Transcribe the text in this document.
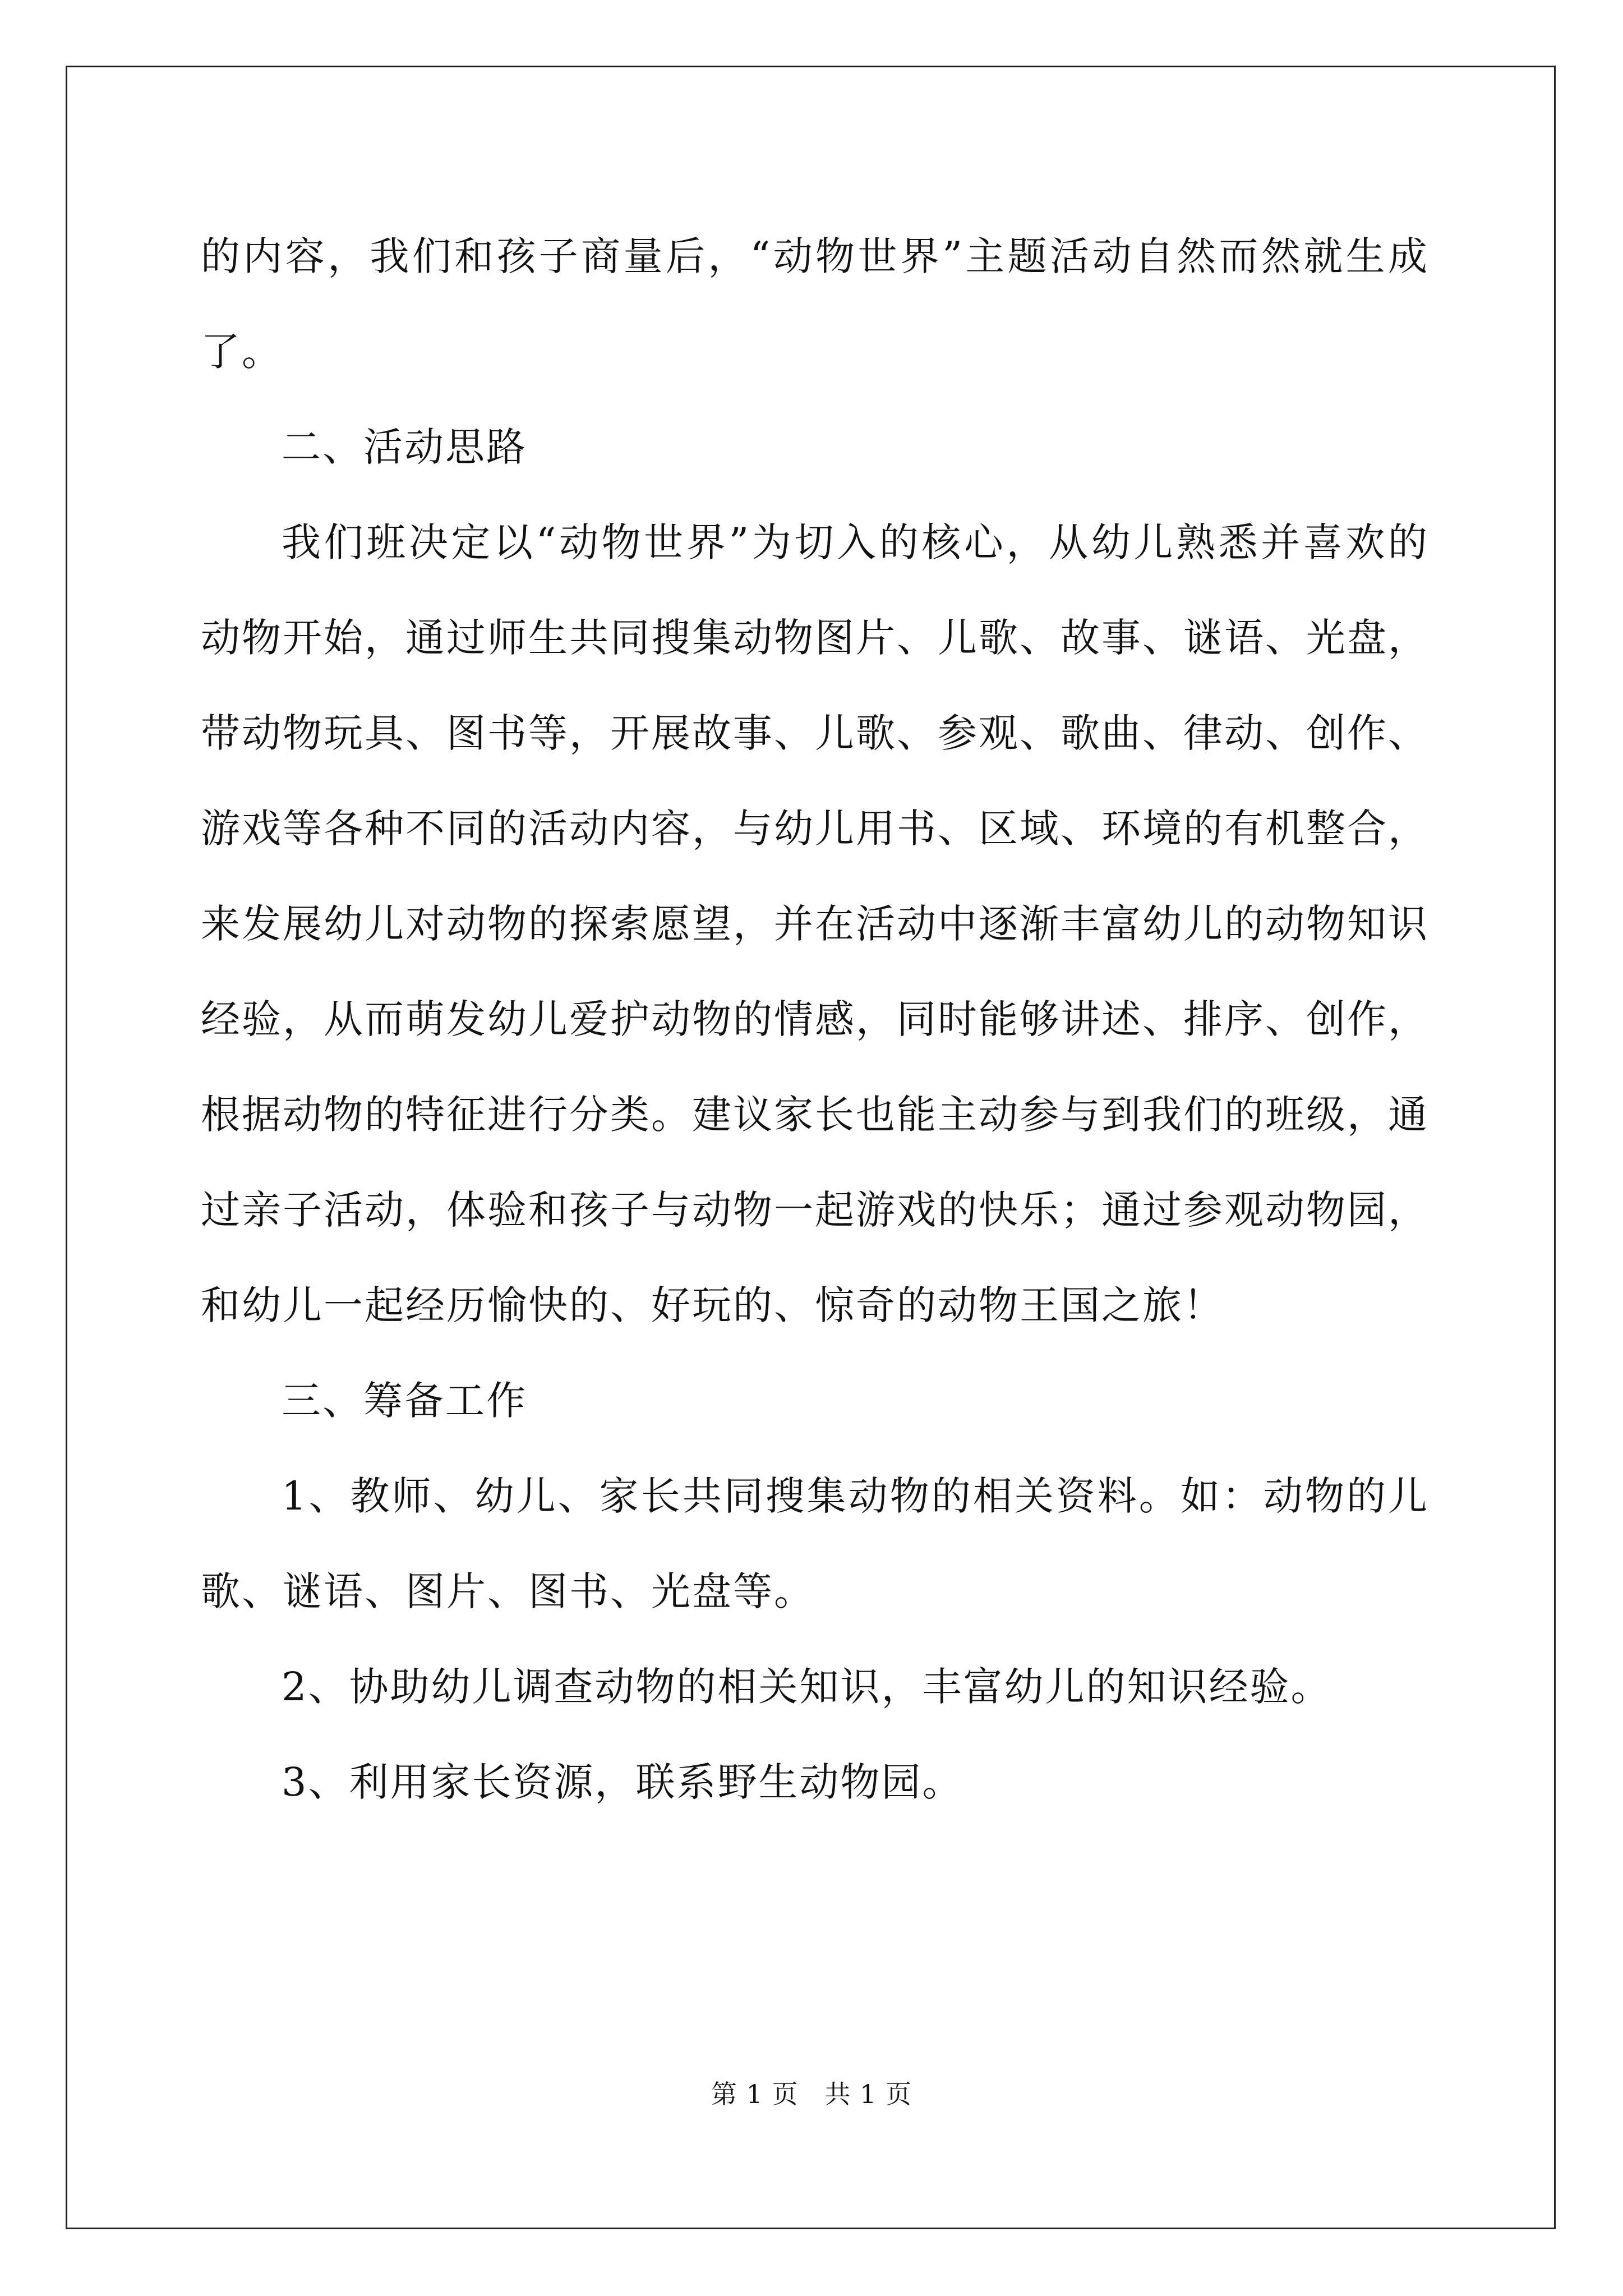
的内容，我们和孩子商量后，“动物世界”主题活动自然而然就生成了。

二、活动思路

我们班决定以“动物世界”为切入的核心，从幼儿熟悉并喜欢的动物开始，通过师生共同搜集动物图片、儿歌、故事、谜语、光盘，带动物玩具、图书等，开展故事、儿歌、参观、歌曲、律动、创作、游戏等各种不同的活动内容，与幼儿用书、区域、环境的有机整合，来发展幼儿对动物的探索愿望，并在活动中逐渐丰富幼儿的动物知识经验，从而萌发幼儿爱护动物的情感，同时能够讲述、排序、创作，根据动物的特征进行分类。建议家长也能主动参与到我们的班级，通过亲子活动，体验和孩子与动物一起游戏的快乐；通过参观动物园，和幼儿一起经历愉快的、好玩的、惊奇的动物王国之旅！

三、筹备工作

1、教师、幼儿、家长共同搜集动物的相关资料。如：动物的儿歌、谜语、图片、图书、光盘等。

2、协助幼儿调查动物的相关知识，丰富幼儿的知识经验。

3、利用家长资源，联系野生动物园。

第 1 页　共 1 页
